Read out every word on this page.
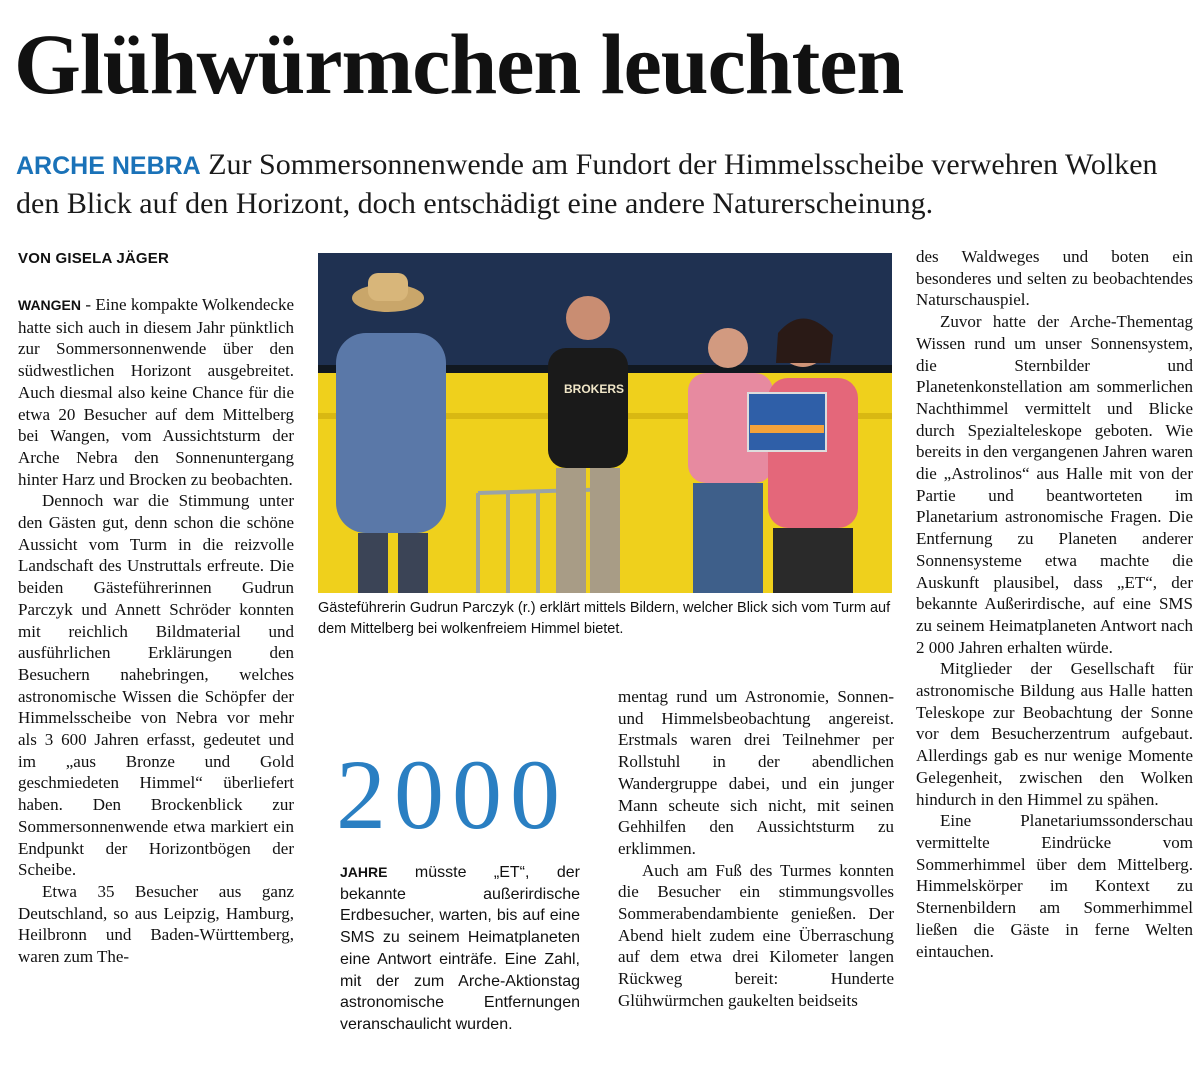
Glühwürmchen leuchten

ARCHE NEBRA Zur Sommersonnenwende am Fundort der Himmelsscheibe verwehren Wolken den Blick auf den Horizont, doch entschädigt eine andere Naturerscheinung.

VON GISELA JÄGER

WANGEN - Eine kompakte Wolkendecke hatte sich auch in diesem Jahr pünktlich zur Sommersonnenwende über den südwestlichen Horizont ausgebreitet. Auch diesmal also keine Chance für die etwa 20 Besucher auf dem Mittelberg bei Wangen, vom Aussichtsturm der Arche Nebra den Sonnenuntergang hinter Harz und Brocken zu beobachten.

Dennoch war die Stimmung unter den Gästen gut, denn schon die schöne Aussicht vom Turm in die reizvolle Landschaft des Unstruttals erfreute. Die beiden Gästeführerinnen Gudrun Parczyk und Annett Schröder konnten mit reichlich Bildmaterial und ausführlichen Erklärungen den Besuchern nahebringen, welches astronomische Wissen die Schöpfer der Himmelsscheibe von Nebra vor mehr als 3 600 Jahren erfasst, gedeutet und im „aus Bronze und Gold geschmiedeten Himmel“ überliefert haben. Den Brockenblick zur Sommersonnenwende etwa markiert ein Endpunkt der Horizontbögen der Scheibe.

Etwa 35 Besucher aus ganz Deutschland, so aus Leipzig, Hamburg, Heilbronn und Baden-Württemberg, waren zum The-

BROKERS

Gästeführerin Gudrun Parczyk (r.) erklärt mittels Bildern, welcher Blick sich vom Turm auf dem Mittelberg bei wolkenfreiem Himmel bietet.

2000

JAHRE müsste „ET“, der bekannte außerirdische Erdbesucher, warten, bis auf eine SMS zu seinem Heimatplaneten eine Antwort einträfe. Eine Zahl, mit der zum Arche-Aktionstag astronomische Entfernungen veranschaulicht wurden.

mentag rund um Astronomie, Sonnen- und Himmelsbeobachtung angereist. Erstmals waren drei Teilnehmer per Rollstuhl in der abendlichen Wandergruppe dabei, und ein junger Mann scheute sich nicht, mit seinen Gehhilfen den Aussichtsturm zu erklimmen.

Auch am Fuß des Turmes konnten die Besucher ein stimmungsvolles Sommerabendambiente genießen. Der Abend hielt zudem eine Überraschung auf dem etwa drei Kilometer langen Rückweg bereit: Hunderte Glühwürmchen gaukelten beidseits

des Waldweges und boten ein besonderes und selten zu beobachtendes Naturschauspiel.

Zuvor hatte der Arche-Thementag Wissen rund um unser Sonnensystem, die Sternbilder und Planetenkonstellation am sommerlichen Nachthimmel vermittelt und Blicke durch Spezialteleskope geboten. Wie bereits in den vergangenen Jahren waren die „Astrolinos“ aus Halle mit von der Partie und beantworteten im Planetarium astronomische Fragen. Die Entfernung zu Planeten anderer Sonnensysteme etwa machte die Auskunft plausibel, dass „ET“, der bekannte Außerirdische, auf eine SMS zu seinem Heimatplaneten Antwort nach 2 000 Jahren erhalten würde.

Mitglieder der Gesellschaft für astronomische Bildung aus Halle hatten Teleskope zur Beobachtung der Sonne vor dem Besucherzentrum aufgebaut. Allerdings gab es nur wenige Momente Gelegenheit, zwischen den Wolken hindurch in den Himmel zu spähen.

Eine Planetariumssonderschau vermittelte Eindrücke vom Sommerhimmel über dem Mittelberg. Himmelskörper im Kontext zu Sternenbildern am Sommerhimmel ließen die Gäste in ferne Welten eintauchen.
